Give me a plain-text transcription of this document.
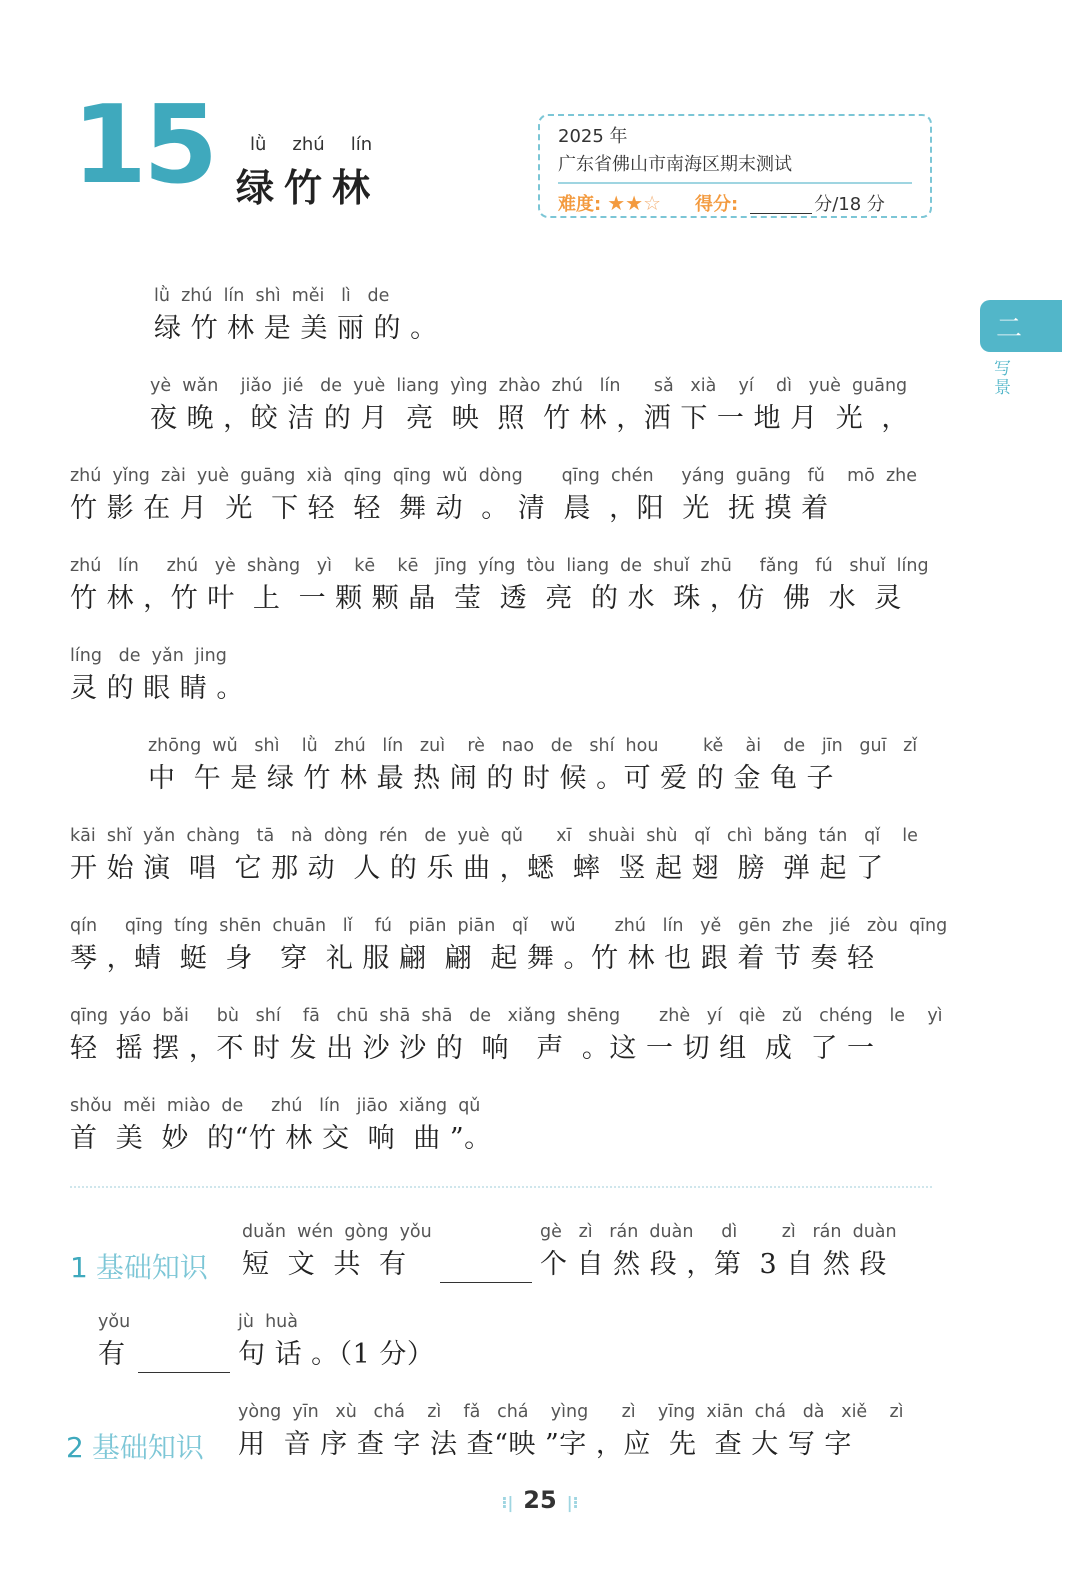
15 lǜ zhú lín
绿竹林
2025 年
广东省佛山市南海区期末测试
难度: ★★☆ 得分:	分/18 分
二
写景
lǜ  zhú  lín  shì  měi   lì   de
绿 竹 林 是 美 丽 的 。
yè  wǎn    jiǎo  jié   de  yuè  liang  yìng  zhào  zhú   lín      sǎ   xià    yí    dì   yuè  guāng
夜 晚 ，皎 洁 的 月  亮  映  照  竹 林 ，洒 下 一 地 月  光  ，
zhú  yǐng  zài  yuè  guāng  xià  qīng  qīng  wǔ  dòng       qīng  chén     yáng  guāng   fǔ    mō  zhe
竹 影 在 月  光  下 轻  轻  舞 动  。 清  晨  ，阳  光  抚 摸 着
zhú   lín     zhú   yè  shàng   yì    kē    kē   jīng  yíng  tòu  liang  de  shuǐ  zhū     fǎng   fú   shuǐ  líng
竹 林 ，竹 叶  上  一 颗 颗 晶  莹  透  亮  的 水  珠 ，仿  佛  水  灵
líng   de  yǎn  jing
灵 的 眼 睛 。
zhōng  wǔ   shì    lǜ   zhú   lín   zuì    rè   nao   de   shí  hou        kě    ài    de   jīn   guī   zǐ
中  午 是 绿 竹 林 最 热 闹 的 时 候 。可 爱 的 金 龟 子
kāi  shǐ  yǎn  chàng   tā   nà  dòng  rén   de  yuè  qǔ      xī   shuài  shù   qǐ   chì  bǎng  tán   qǐ    le
开 始 演  唱  它 那 动  人 的 乐 曲 ，蟋  蟀  竖 起 翅  膀  弹 起 了
qín     qīng  tíng  shēn  chuān   lǐ    fú   piān  piān   qǐ    wǔ       zhú   lín   yě   gēn  zhe   jié   zòu  qīng
琴 ，蜻  蜓  身   穿  礼 服 翩  翩  起 舞 。竹 林 也 跟 着 节 奏 轻
qīng  yáo  bǎi     bù   shí    fā   chū  shā  shā   de   xiǎng  shēng       zhè   yí   qiè   zǔ   chéng   le    yì
轻  摇 摆 ，不 时 发 出 沙 沙 的  响   声  。这 一 切 组  成  了 一
shǒu  měi  miào  de     zhú   lín   jiāo  xiǎng  qǔ
首  美  妙  的“竹 林 交  响  曲 ”。
1 基础知识
duǎn  wén  gòng  yǒu
短  文  共  有
gè   zì   rán  duàn     dì        zì   rán  duàn
个 自 然 段 ，第  3 自 然 段
yǒu
有
jù  huà
句 话 。（1 分）
2 基础知识
yòng  yīn   xù   chá    zì    fǎ   chá    yìng      zì    yīng  xiān  chá   dà   xiě    zì
用  音 序 查 字 法 查“映 ”字 ，应  先  查 大 写 字
⁝| 25 |⁝
